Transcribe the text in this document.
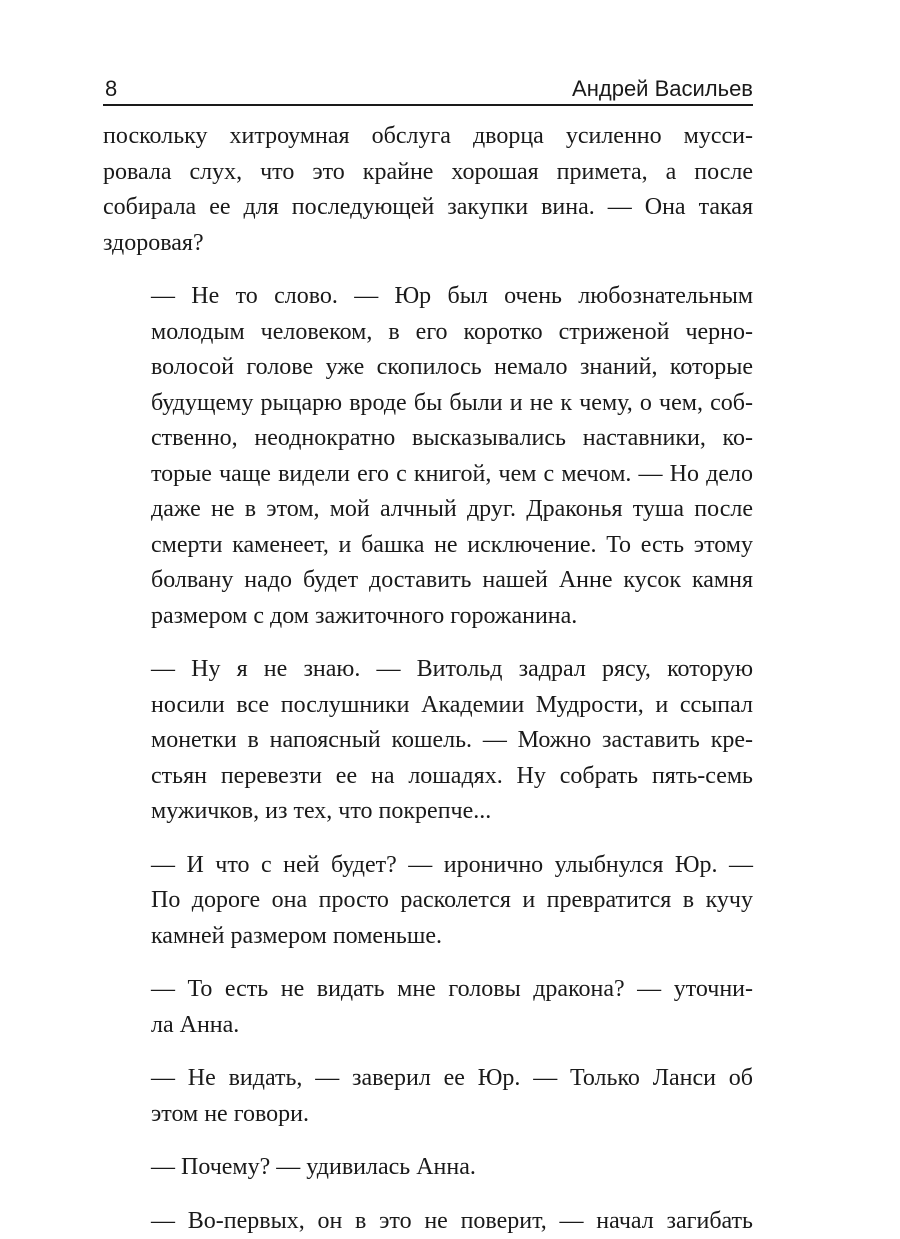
8	Андрей Васильев

поскольку хитроумная обслуга дворца усиленно мусси-
ровала слух, что это крайне хорошая примета, а после
собирала ее для последующей закупки вина. — Она такая
здоровая?

— Не то слово. — Юр был очень любознательным
молодым человеком, в его коротко стриженой черно-
волосой голове уже скопилось немало знаний, которые
будущему рыцарю вроде бы были и не к чему, о чем, соб-
ственно, неоднократно высказывались наставники, ко-
торые чаще видели его с книгой, чем с мечом. — Но дело
даже не в этом, мой алчный друг. Драконья туша после
смерти каменеет, и башка не исключение. То есть этому
болвану надо будет доставить нашей Анне кусок камня
размером с дом зажиточного горожанина.

— Ну я не знаю. — Витольд задрал рясу, которую
носили все послушники Академии Мудрости, и ссыпал
монетки в напоясный кошель. — Можно заставить кре-
стьян перевезти ее на лошадях. Ну собрать пять-семь
мужичков, из тех, что покрепче...

— И что с ней будет? — иронично улыбнулся Юр. —
По дороге она просто расколется и превратится в кучу
камней размером поменьше.

— То есть не видать мне головы дракона? — уточни-
ла Анна.

— Не видать, — заверил ее Юр. — Только Ланси об
этом не говори.

— Почему? — удивилась Анна.

— Во-первых, он в это не поверит, — начал загибать
